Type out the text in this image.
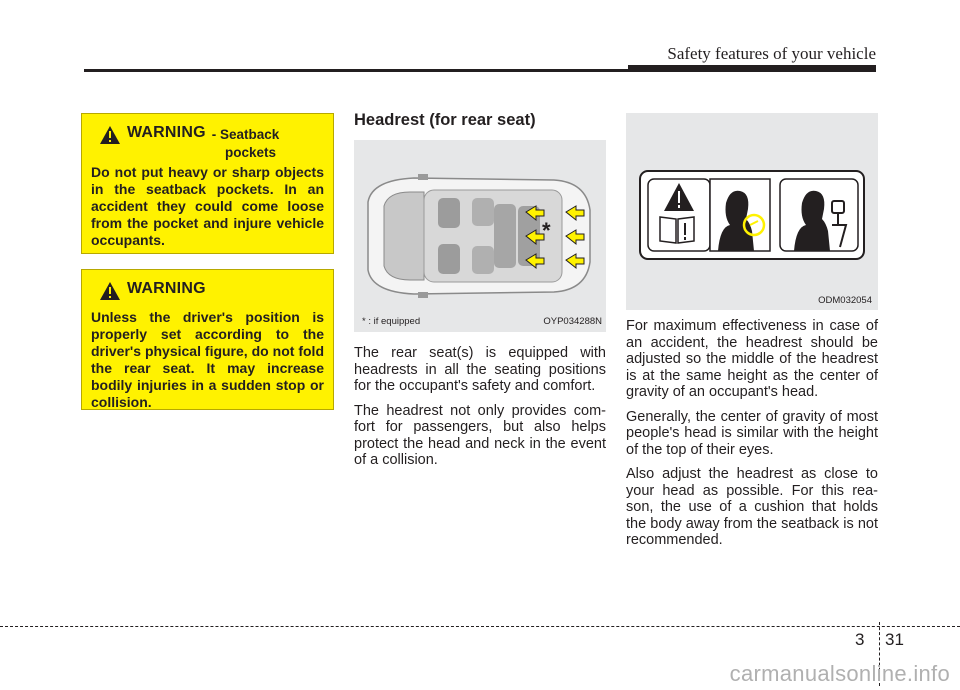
Safety features of your vehicle
WARNING - Seatback
pockets
Do not put heavy or sharp objects in the seatback pockets. In an accident they could come loose from the pocket and injure vehicle occupants.
WARNING
Unless the driver's position is properly set according to the driver's physical figure, do not fold the rear seat. It may increase bodily injuries in a sudden stop or collision.
Headrest (for rear seat)
*
* : if equipped	OYP034288N
ODM032054

The rear seat(s) is equipped with headrests in all the seating positions for the occupant's safety and comfort.

The headrest not only provides com-fort for passengers, but also helps protect the head and neck in the event of a collision.

For maximum effectiveness in case of an accident, the headrest should be adjusted so the middle of the headrest is at the same height as the center of gravity of an occupant's head.

Generally, the center of gravity of most people's head is similar with the height of the top of their eyes.

Also adjust the headrest as close to your head as possible. For this rea-son, the use of a cushion that holds the body away from the seatback is not recommended.

3 31
carmanualsonline.info
